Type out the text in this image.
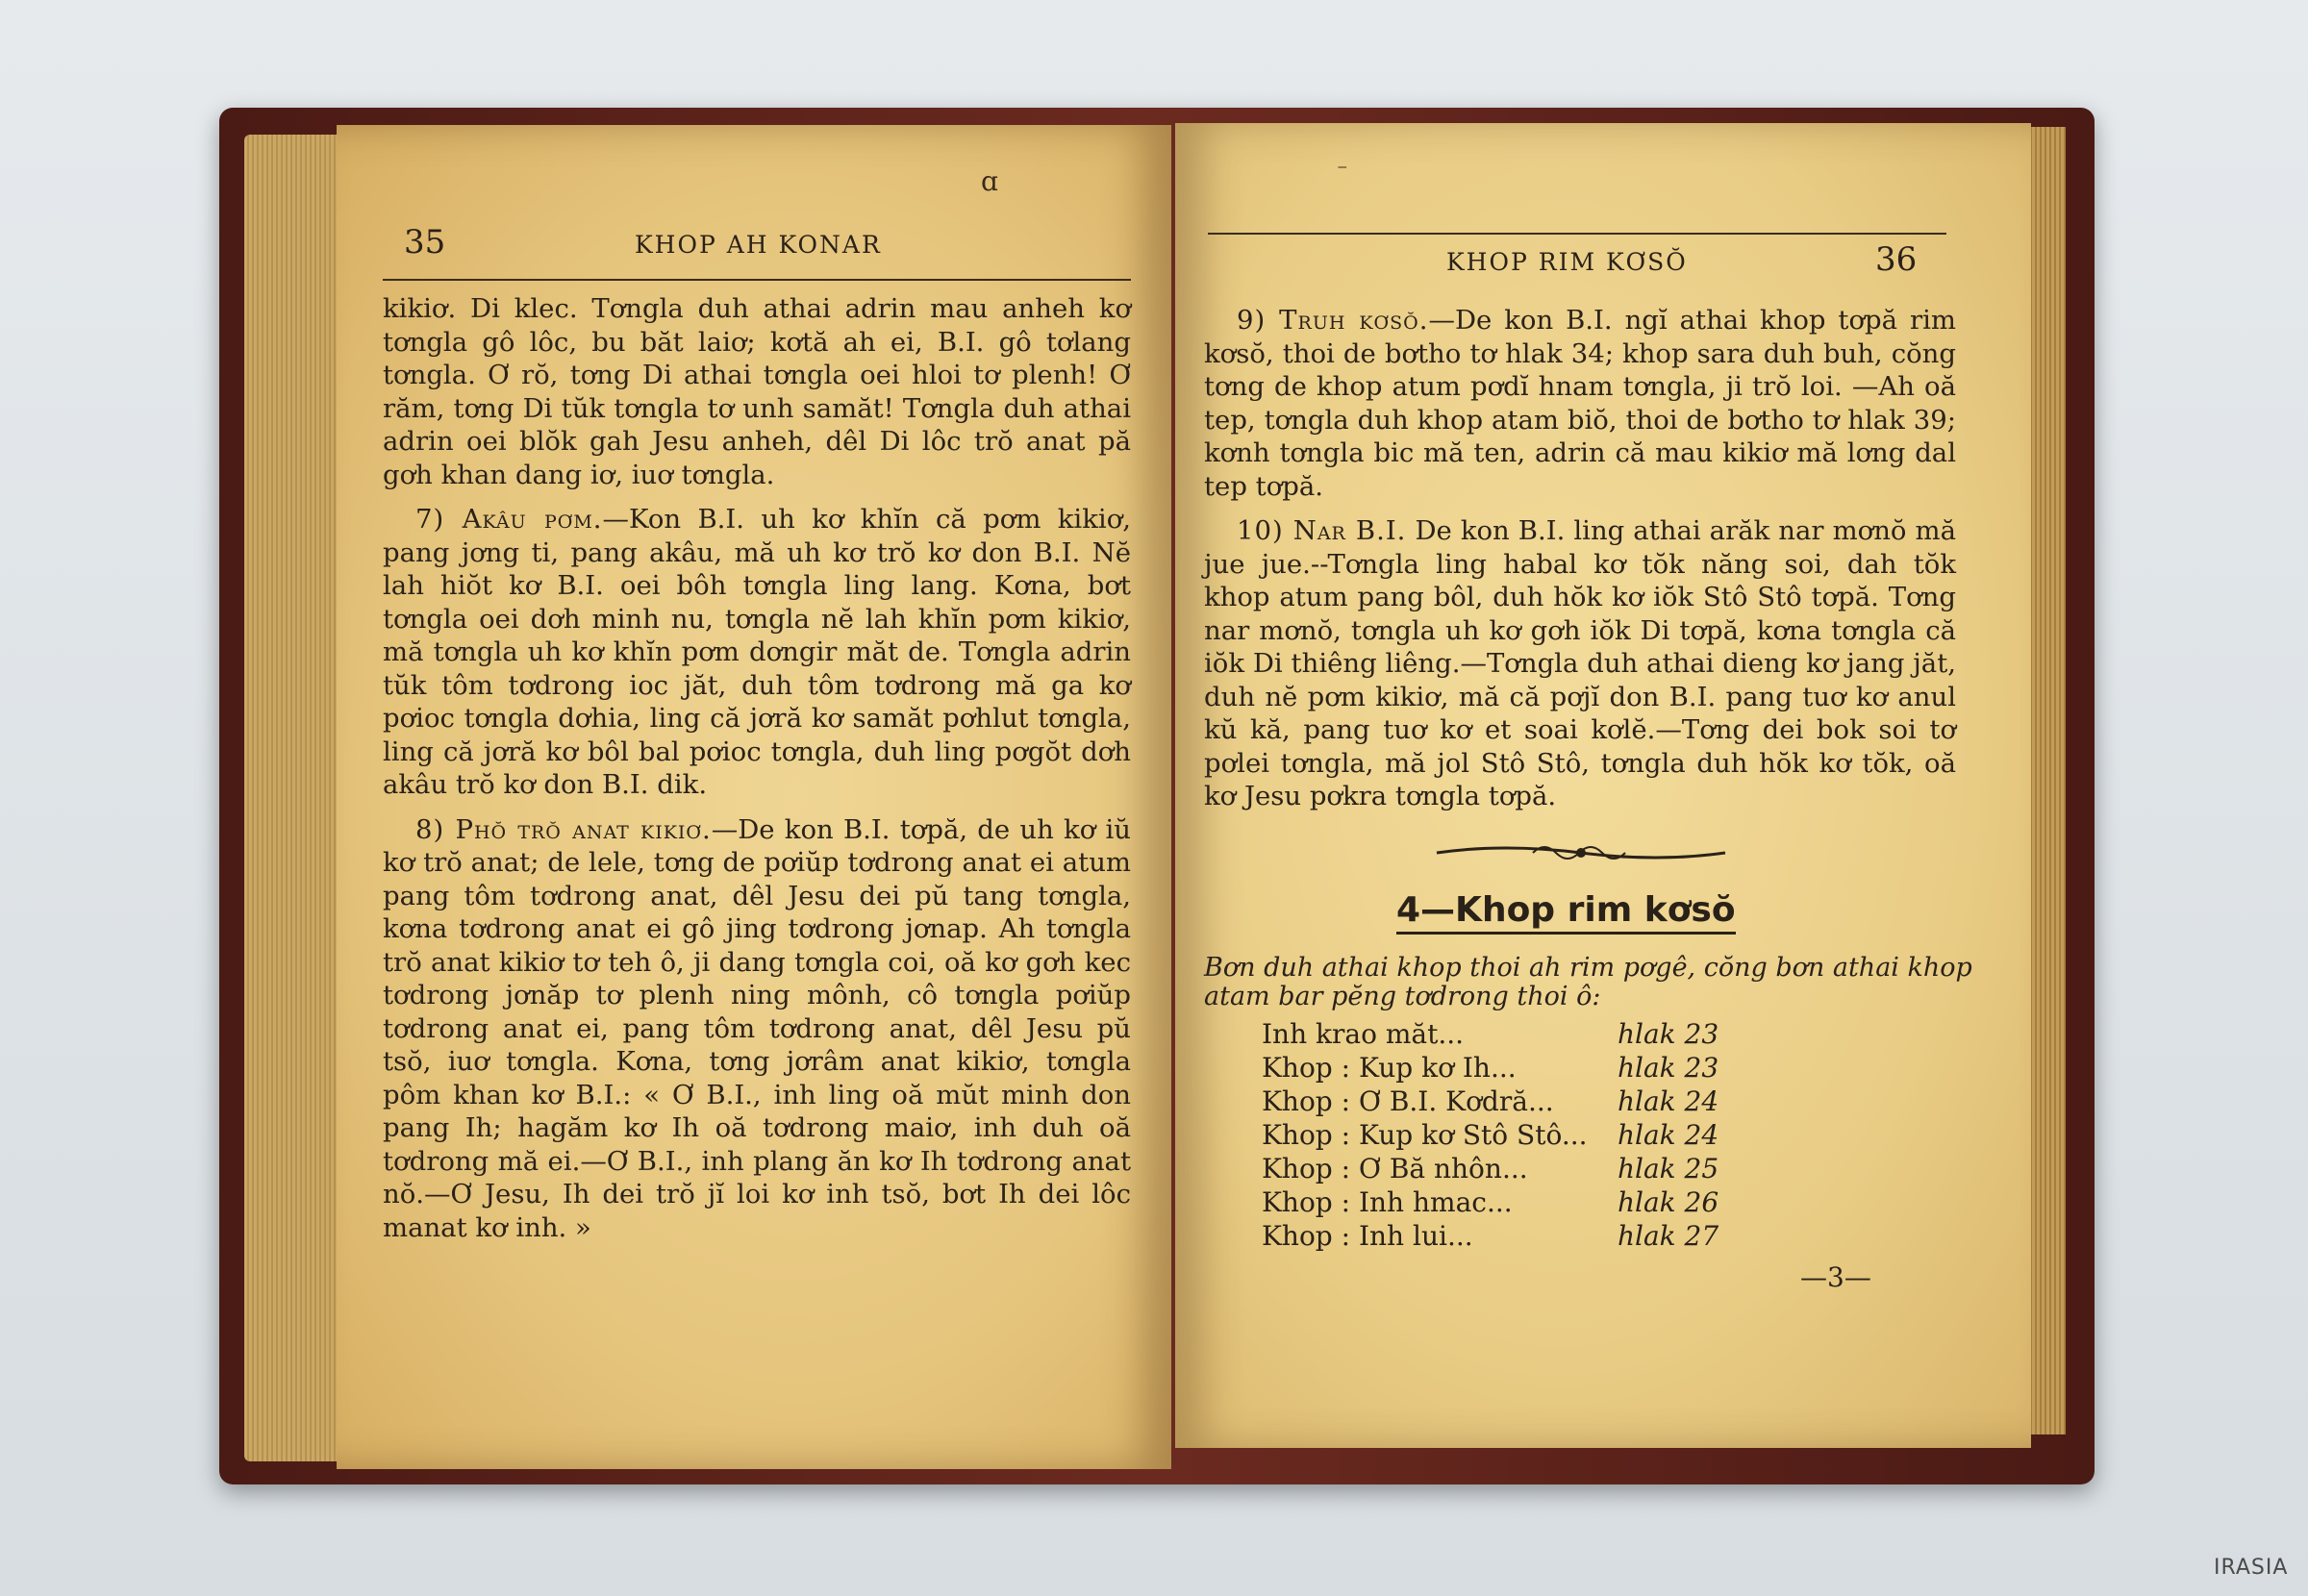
ɑ
35	KHOP AH KONAR

kikiơ. Di klec. Tơngla duh athai adrin mau anheh kơ tơngla gô lôc, bu băt laiơ; kơtă ah ei, B.I. gô tơlang tơngla. Ơ rŏ, tơng Di athai tơngla oei hloi tơ plenh! Ơ răm, tơng Di tŭk tơngla tơ unh samăt! Tơngla duh athai adrin oei blŏk gah Jesu anheh, dêl Di lôc trŏ anat pă gơh khan dang iơ, iuơ tơngla.

7) Akâu pơm.—Kon B.I. uh kơ khĭn că pơm kikiơ, pang jơng ti, pang akâu, mă uh kơ trŏ kơ don B.I. Nĕ lah hiŏt kơ B.I. oei bôh tơngla ling lang. Kơna, bơt tơngla oei dơh minh nu, tơngla nĕ lah khĭn pơm kikiơ, mă tơngla uh kơ khĭn pơm dơngir măt de. Tơngla adrin tŭk tôm tơdrong ioc jăt, duh tôm tơdrong mă ga kơ pơioc tơngla dơhia, ling că jơră kơ samăt pơhlut tơngla, ling că jơră kơ bôl bal pơioc tơngla, duh ling pơgŏt dơh akâu trŏ kơ don B.I. dik.

8) Phŏ trŏ anat kikiơ.—De kon B.I. tơpă, de uh kơ iŭ kơ trŏ anat; de lele, tơng de pơiŭp tơdrong anat ei atum pang tôm tơdrong anat, dêl Jesu dei pŭ tang tơngla, kơna tơdrong anat ei gô jing tơdrong jơnap. Ah tơngla trŏ anat kikiơ tơ teh ô, ji dang tơngla coi, oă kơ gơh kec tơdrong jơnăp tơ plenh ning mônh, cô tơngla pơiŭp tơdrong anat ei, pang tôm tơdrong anat, dêl Jesu pŭ tsŏ, iuơ tơngla. Kơna, tơng jơrâm anat kikiơ, tơngla pôm khan kơ B.I.: « Ơ B.I., inh ling oă mŭt minh don pang Ih; hagăm kơ Ih oă tơdrong maiơ, inh duh oă tơdrong mă ei.—Ơ B.I., inh plang ăn kơ Ih tơdrong anat nŏ.—Ơ Jesu, Ih dei trŏ jĭ loi kơ inh tsŏ, bơt Ih dei lôc manat kơ inh. »

⁻
KHOP RIM KƠSŎ	36

9) Truh kơsŏ.—De kon B.I. ngĭ athai khop tơpă rim kơsŏ, thoi de bơtho tơ hlak 34; khop sara duh buh, cŏng tơng de khop atum pơdĭ hnam tơngla, ji trŏ loi. —Ah oă tep, tơngla duh khop atam biŏ, thoi de bơtho tơ hlak 39; kơnh tơngla bic mă ten, adrin că mau kikiơ mă lơng dal tep tơpă.

10) Nar B.I. De kon B.I. ling athai arăk nar mơnŏ mă jue jue.--Tơngla ling habal kơ tŏk năng soi, dah tŏk khop atum pang bôl, duh hŏk kơ iŏk Stô Stô tơpă. Tơng nar mơnŏ, tơngla uh kơ gơh iŏk Di tơpă, kơna tơngla că iŏk Di thiêng liêng.—Tơngla duh athai dieng kơ jang jăt, duh nĕ pơm kikiơ, mă că pơjĭ don B.I. pang tuơ kơ anul kŭ kă, pang tuơ kơ et soai kơlĕ.—Tơng dei bok soi tơ pơlei tơngla, mă jol Stô Stô, tơngla duh hŏk kơ tŏk, oă kơ Jesu pơkra tơngla tơpă.

4—Khop rim kơsŏ
Bơn duh athai khop thoi ah rim pơgê, cŏng bơn athai khop atam bar pĕng tơdrong thoi ô:
Inh krao măt...	hlak 23
Khop : Kup kơ Ih...	hlak 23
Khop : Ơ B.I. Kơdră...	hlak 24
Khop : Kup kơ Stô Stô...	hlak 24
Khop : Ơ Bă nhôn...	hlak 25
Khop : Inh hmac...	hlak 26
Khop : Inh lui...	hlak 27
—3—
IRASIA
